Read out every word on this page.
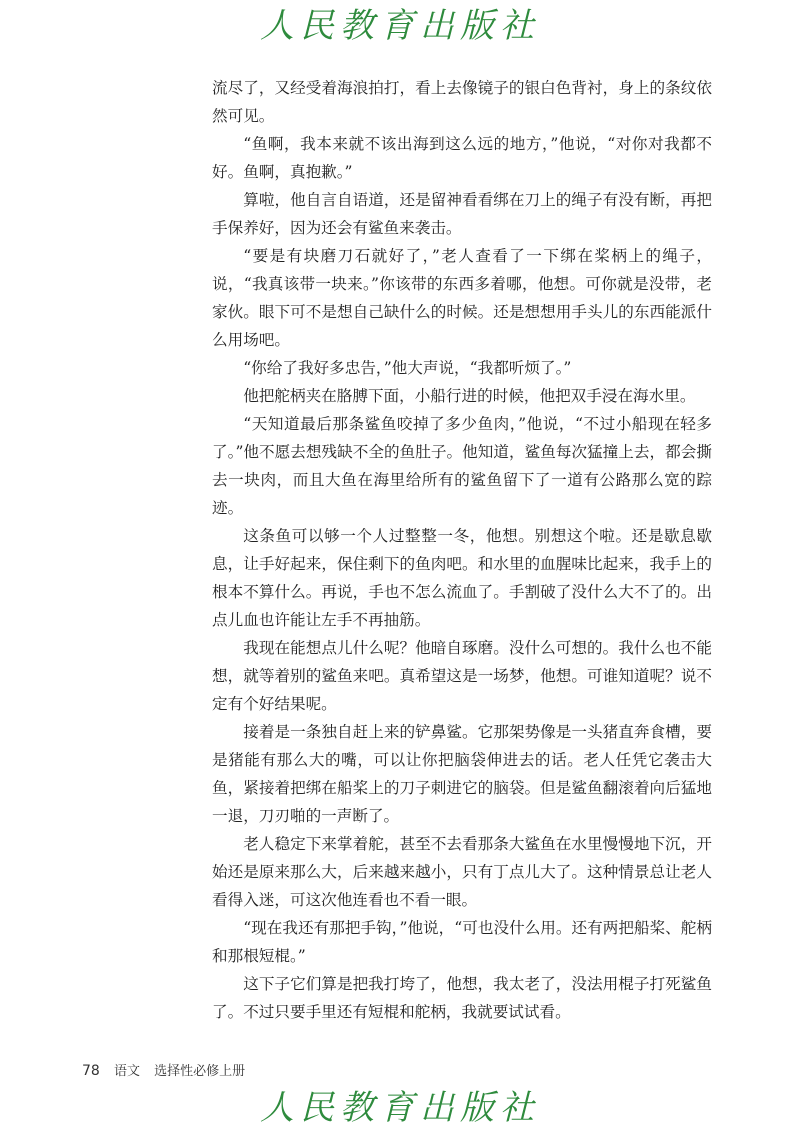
人民教育出版社

流尽了，又经受着海浪拍打，看上去像镜子的银白色背衬，身上的条纹依然可见。

“鱼啊，我本来就不该出海到这么远的地方，”他说，“对你对我都不好。鱼啊，真抱歉。”

算啦，他自言自语道，还是留神看看绑在刀上的绳子有没有断，再把手保养好，因为还会有鲨鱼来袭击。

“要是有块磨刀石就好了，”老人查看了一下绑在桨柄上的绳子，说，“我真该带一块来。”你该带的东西多着哪，他想。可你就是没带，老家伙。眼下可不是想自己缺什么的时候。还是想想用手头儿的东西能派什么用场吧。

“你给了我好多忠告，”他大声说，“我都听烦了。”

他把舵柄夹在胳膊下面，小船行进的时候，他把双手浸在海水里。

“天知道最后那条鲨鱼咬掉了多少鱼肉，”他说，“不过小船现在轻多了。”他不愿去想残缺不全的鱼肚子。他知道，鲨鱼每次猛撞上去，都会撕去一块肉，而且大鱼在海里给所有的鲨鱼留下了一道有公路那么宽的踪迹。

这条鱼可以够一个人过整整一冬，他想。别想这个啦。还是歇息歇息，让手好起来，保住剩下的鱼肉吧。和水里的血腥味比起来，我手上的根本不算什么。再说，手也不怎么流血了。手割破了没什么大不了的。出点儿血也许能让左手不再抽筋。

我现在能想点儿什么呢？他暗自琢磨。没什么可想的。我什么也不能想，就等着别的鲨鱼来吧。真希望这是一场梦，他想。可谁知道呢？说不定有个好结果呢。

接着是一条独自赶上来的铲鼻鲨。它那架势像是一头猪直奔食槽，要是猪能有那么大的嘴，可以让你把脑袋伸进去的话。老人任凭它袭击大鱼，紧接着把绑在船桨上的刀子刺进它的脑袋。但是鲨鱼翻滚着向后猛地一退，刀刃啪的一声断了。

老人稳定下来掌着舵，甚至不去看那条大鲨鱼在水里慢慢地下沉，开始还是原来那么大，后来越来越小，只有丁点儿大了。这种情景总让老人看得入迷，可这次他连看也不看一眼。

“现在我还有那把手钩，”他说，“可也没什么用。还有两把船桨、舵柄和那根短棍。”

这下子它们算是把我打垮了，他想，我太老了，没法用棍子打死鲨鱼了。不过只要手里还有短棍和舵柄，我就要试试看。

78 语文 选择性必修上册
人民教育出版社
